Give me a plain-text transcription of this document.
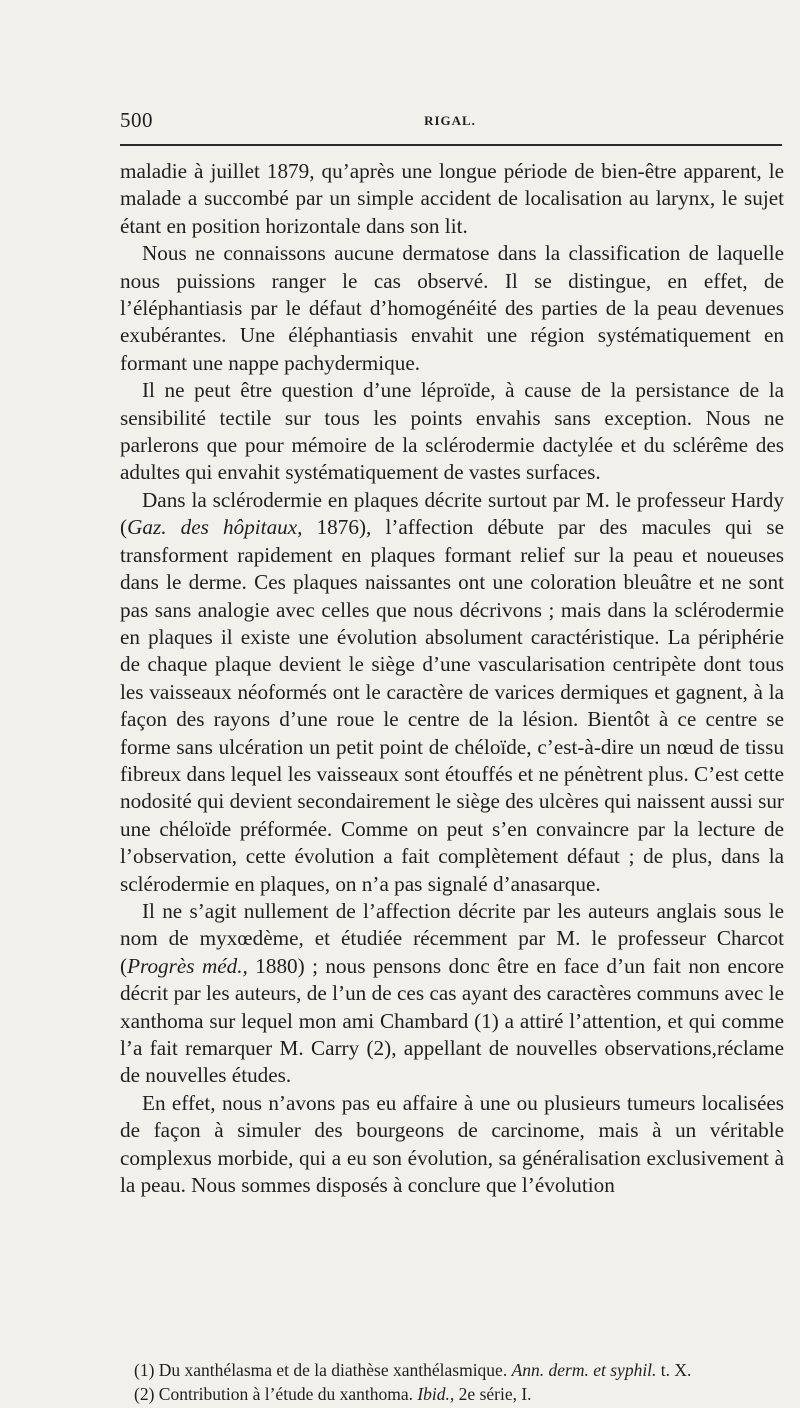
500	RIGAL.

maladie à juillet 1879, qu’après une longue période de bien-être apparent, le malade a succombé par un simple accident de localisation au larynx, le sujet étant en position horizontale dans son lit.

Nous ne connaissons aucune dermatose dans la classification de laquelle nous puissions ranger le cas observé. Il se distingue, en effet, de l’éléphantiasis par le défaut d’homogénéité des parties de la peau devenues exubérantes. Une éléphantiasis envahit une région systématiquement en formant une nappe pachydermique.

Il ne peut être question d’une léproïde, à cause de la persistance de la sensibilité tectile sur tous les points envahis sans exception. Nous ne parlerons que pour mémoire de la sclérodermie dactylée et du sclérême des adultes qui envahit systématiquement de vastes surfaces.

Dans la sclérodermie en plaques décrite surtout par M. le professeur Hardy (Gaz. des hôpitaux, 1876), l’affection débute par des macules qui se transforment rapidement en plaques formant relief sur la peau et noueuses dans le derme. Ces plaques naissantes ont une coloration bleuâtre et ne sont pas sans analogie avec celles que nous décrivons ; mais dans la sclérodermie en plaques il existe une évolution absolument caractéristique. La périphérie de chaque plaque devient le siège d’une vascularisation centripète dont tous les vaisseaux néoformés ont le caractère de varices dermiques et gagnent, à la façon des rayons d’une roue le centre de la lésion. Bientôt à ce centre se forme sans ulcération un petit point de chéloïde, c’est-à-dire un nœud de tissu fibreux dans lequel les vaisseaux sont étouffés et ne pénètrent plus. C’est cette nodosité qui devient secondairement le siège des ulcères qui naissent aussi sur une chéloïde préformée. Comme on peut s’en convaincre par la lecture de l’observation, cette évolution a fait complètement défaut ; de plus, dans la sclérodermie en plaques, on n’a pas signalé d’anasarque.

Il ne s’agit nullement de l’affection décrite par les auteurs anglais sous le nom de myxœdème, et étudiée récemment par M. le professeur Charcot (Progrès méd., 1880) ; nous pensons donc être en face d’un fait non encore décrit par les auteurs, de l’un de ces cas ayant des caractères communs avec le xanthoma sur lequel mon ami Chambard (1) a attiré l’attention, et qui comme l’a fait remarquer M. Carry (2), appellant de nouvelles observations,réclame de nouvelles études.

En effet, nous n’avons pas eu affaire à une ou plusieurs tumeurs localisées de façon à simuler des bourgeons de carcinome, mais à un véritable complexus morbide, qui a eu son évolution, sa généralisation exclusivement à la peau. Nous sommes disposés à conclure que l’évolution

(1) Du xanthélasma et de la diathèse xanthélasmique. Ann. derm. et syphil. t. X.

(2) Contribution à l’étude du xanthoma. Ibid., 2e série, I.
